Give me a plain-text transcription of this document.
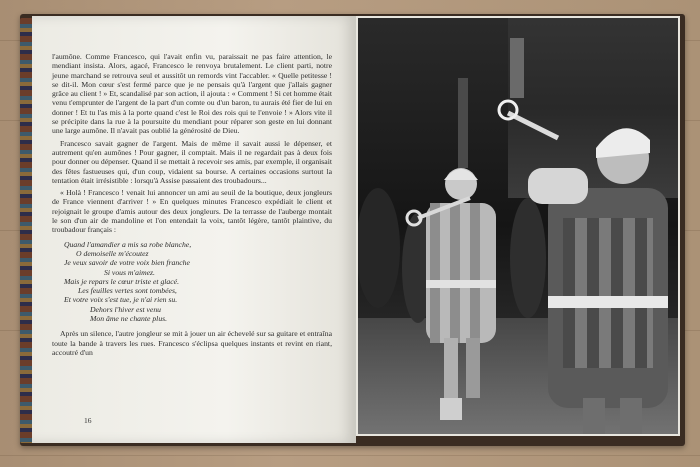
l'aumône. Comme Francesco, qui l'avait enfin vu, paraissait ne pas faire attention, le mendiant insista. Alors, agacé, Francesco le renvoya brutalement. Le client parti, notre jeune marchand se retrouva seul et aussitôt un remords vint l'accabler. « Quelle petitesse ! se dit-il. Mon cœur s'est fermé parce que je ne pensais qu'à l'argent que j'allais gagner grâce au client ! » Et, scandalisé par son action, il ajouta : « Comment ! Si cet homme était venu t'emprunter de l'argent de la part d'un comte ou d'un baron, tu aurais été fier de lui en donner ! Et tu l'as mis à la porte quand c'est le Roi des rois qui te l'envoie ! » Alors vite il se précipite dans la rue à la poursuite du mendiant pour réparer son geste en lui donnant une large aumône. Il n'avait pas oublié la générosité de Dieu.

Francesco savait gagner de l'argent. Mais de même il savait aussi le dépenser, et autrement qu'en aumônes ! Pour gagner, il comptait. Mais il ne regardait pas à deux fois pour donner ou dépenser. Quand il se mettait à recevoir ses amis, par exemple, il organisait des fêtes fastueuses qui, d'un coup, vidaient sa bourse. A certaines occasions surtout la tentation était irrésistible : lorsqu'à Assise passaient des troubadours...

« Holà ! Francesco ! venait lui annoncer un ami au seuil de la boutique, deux jongleurs de France viennent d'arriver ! » En quelques minutes Francesco expédiait le client et rejoignait le groupe d'amis autour des deux jongleurs. De la terrasse de l'auberge montait le son d'un air de mandoline et l'on entendait la voix, tantôt légère, tantôt plaintive, du troubadour français :

Quand l'amandier a mis sa robe blanche,
O demoiselle m'écoutez
Je veux savoir de votre voix bien franche
Si vous m'aimez.
Mais je repars le cœur triste et glacé.
Les feuilles vertes sont tombées,
Et votre voix s'est tue, je n'ai rien su.
Dehors l'hiver est venu
Mon âme ne chante plus.

Après un silence, l'autre jongleur se mit à jouer un air échevelé sur sa guitare et entraîna toute la bande à travers les rues. Francesco s'éclipsa quelques instants et revint en riant, accoutré d'un

16
